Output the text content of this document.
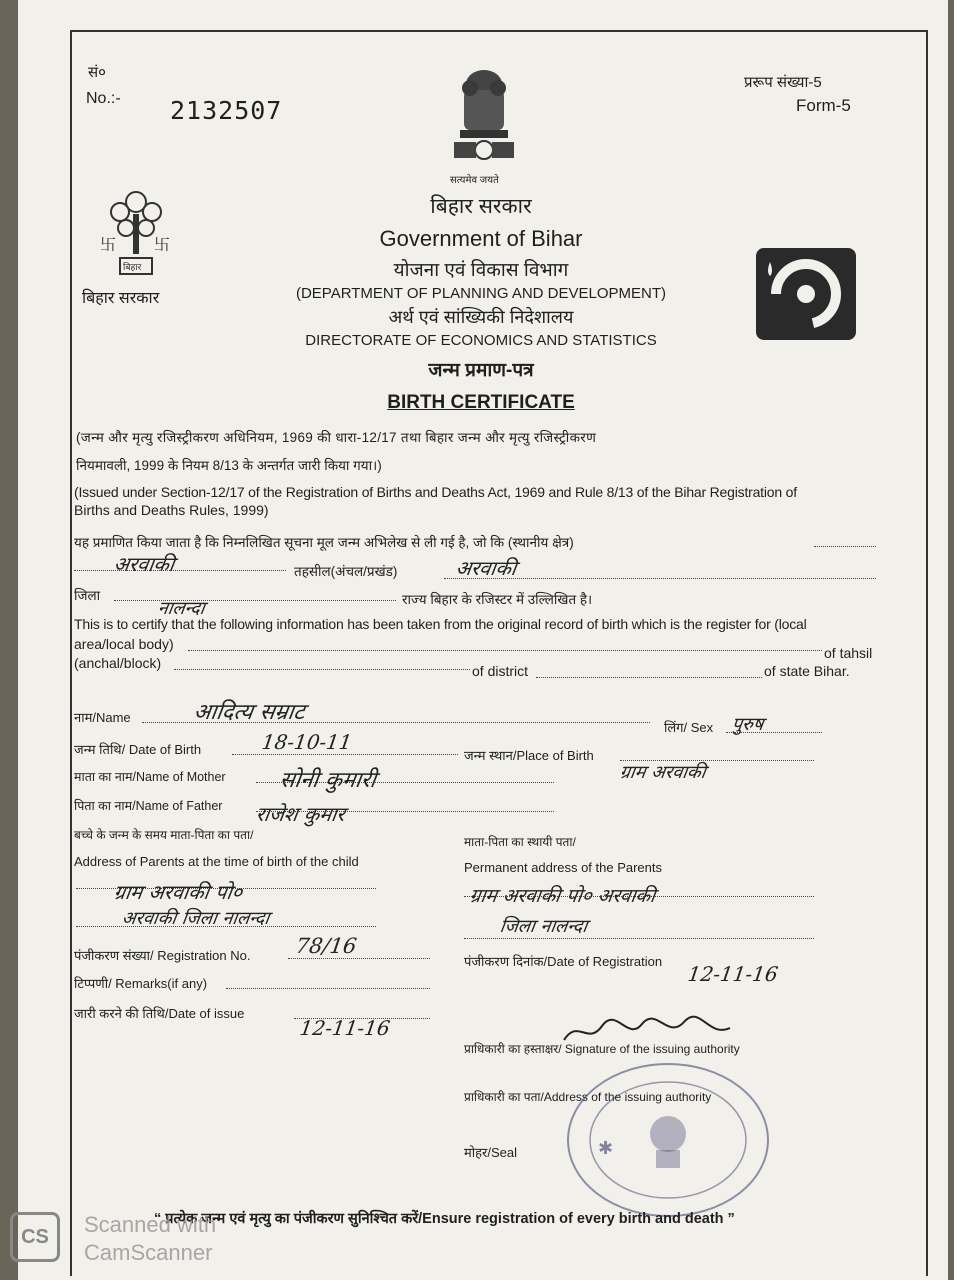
सं०
No.:- 2132507
प्ररूप संख्या-5
Form-5
सत्यमेव जयते
卐 卐
बिहार
बिहार सरकार
बिहार सरकार
Government of Bihar
योजना एवं विकास विभाग
(DEPARTMENT OF PLANNING AND DEVELOPMENT)
अर्थ एवं सांख्यिकी निदेशालय
DIRECTORATE OF ECONOMICS AND STATISTICS
जन्म प्रमाण-पत्र
BIRTH CERTIFICATE
(जन्म और मृत्यु रजिस्ट्रीकरण अधिनियम, 1969 की धारा-12/17 तथा बिहार जन्म और मृत्यु रजिस्ट्रीकरण
नियमावली, 1999 के नियम 8/13 के अन्तर्गत जारी किया गया।)
(Issued under Section-12/17 of the Registration of Births and Deaths Act, 1969 and Rule 8/13 of the Bihar Registration of
Births and Deaths Rules, 1999)
यह प्रमाणित किया जाता है कि निम्नलिखित सूचना मूल जन्म अभिलेख से ली गई है, जो कि (स्थानीय क्षेत्र)
अरवाकी	तहसील(अंचल/प्रखंड)	अरवाकी
जिला	राज्य बिहार के रजिस्टर में उल्लिखित है।
नालन्दा
This is to certify that the following information has been taken from the original record of birth which is the register for (local
area/local body)
of tahsil
(anchal/block)	of district	of state Bihar.
नाम/Name	आदित्य सम्राट
लिंग/ Sex पुरुष
जन्म तिथि/ Date of Birth	18-10-11
जन्म स्थान/Place of Birth
ग्राम अरवाकी
माता का नाम/Name of Mother सोनी कुमारी
पिता का नाम/Name of Father राजेश कुमार
बच्चे के जन्म के समय माता-पिता का पता/
Address of Parents at the time of birth of the child
ग्राम अरवाकी पो०
अरवाकी जिला नालन्दा
माता-पिता का स्थायी पता/
Permanent address of the Parents
ग्राम अरवाकी पो० अरवाकी
जिला नालन्दा
पंजीकरण संख्या/ Registration No. 78/16
पंजीकरण दिनांक/Date of Registration
12-11-16
टिप्पणी/ Remarks(if any)
जारी करने की तिथि/Date of issue
12-11-16
प्राधिकारी का हस्ताक्षर/ Signature of the issuing authority
प्राधिकारी का पता/Address of the issuing authority
मोहर/Seal	✱
“ प्रत्येक जन्म एवं मृत्यु का पंजीकरण सुनिश्चित करें/Ensure registration of every birth and death ”
CS	Scanned with
CamScanner
